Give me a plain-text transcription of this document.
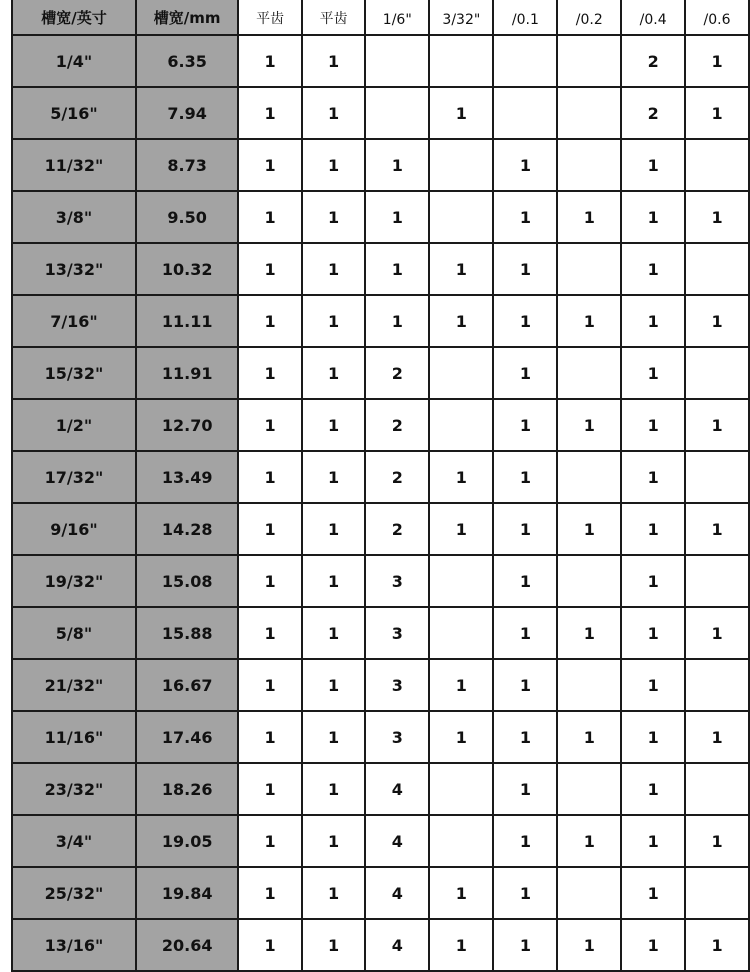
槽宽/英寸	槽宽/mm	平齿	平齿	1/6"	3/32"	/0.1	/0.2	/0.4	/0.6
1/4"	6.35	1	1					2	1
5/16"	7.94	1	1		1			2	1
11/32"	8.73	1	1	1		1		1	
3/8"	9.50	1	1	1		1	1	1	1
13/32"	10.32	1	1	1	1	1		1	
7/16"	11.11	1	1	1	1	1	1	1	1
15/32"	11.91	1	1	2		1		1	
1/2"	12.70	1	1	2		1	1	1	1
17/32"	13.49	1	1	2	1	1		1	
9/16"	14.28	1	1	2	1	1	1	1	1
19/32"	15.08	1	1	3		1		1	
5/8"	15.88	1	1	3		1	1	1	1
21/32"	16.67	1	1	3	1	1		1	
11/16"	17.46	1	1	3	1	1	1	1	1
23/32"	18.26	1	1	4		1		1	
3/4"	19.05	1	1	4		1	1	1	1
25/32"	19.84	1	1	4	1	1		1	
13/16"	20.64	1	1	4	1	1	1	1	1
